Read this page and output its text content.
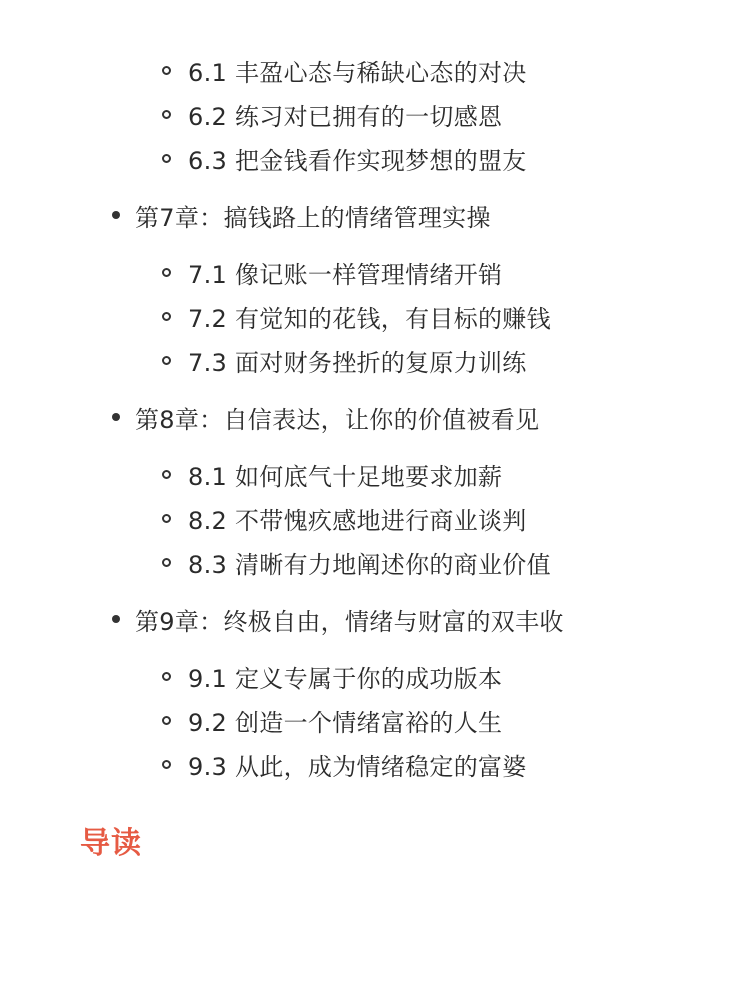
6.1 丰盈心态与稀缺心态的对决
6.2 练习对已拥有的一切感恩
6.3 把金钱看作实现梦想的盟友
第7章：搞钱路上的情绪管理实操
7.1 像记账一样管理情绪开销
7.2 有觉知的花钱，有目标的赚钱
7.3 面对财务挫折的复原力训练
第8章：自信表达，让你的价值被看见
8.1 如何底气十足地要求加薪
8.2 不带愧疚感地进行商业谈判
8.3 清晰有力地阐述你的商业价值
第9章：终极自由，情绪与财富的双丰收
9.1 定义专属于你的成功版本
9.2 创造一个情绪富裕的人生
9.3 从此，成为情绪稳定的富婆
导读
